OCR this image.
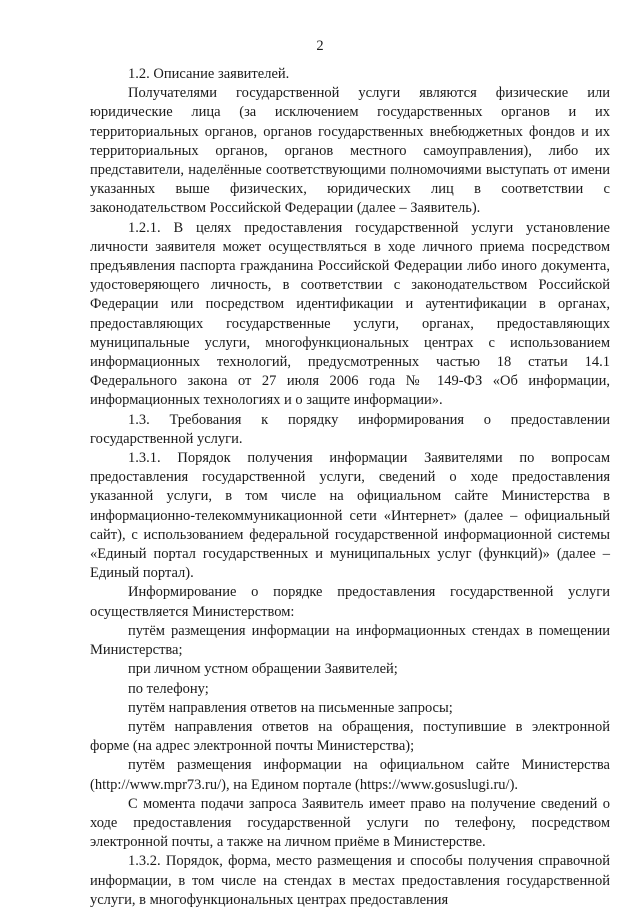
2

1.2. Описание заявителей.

Получателями государственной услуги являются физические или юридические лица (за исключением государственных органов и их территориальных органов, органов государственных внебюджетных фондов и их территориальных органов, органов местного самоуправления), либо их представители, наделённые соответствующими полномочиями выступать от имени указанных выше физических, юридических лиц в соответствии с законодательством Российской Федерации (далее – Заявитель).

1.2.1. В целях предоставления государственной услуги установление личности заявителя может осуществляться в ходе личного приема посредством предъявления паспорта гражданина Российской Федерации либо иного документа, удостоверяющего личность, в соответствии с законодательством Российской Федерации или посредством идентификации и аутентификации в органах, предоставляющих государственные услуги, органах, предоставляющих муниципальные услуги, многофункциональных центрах с использованием информационных технологий, предусмотренных частью 18 статьи 14.1 Федерального закона от 27 июля 2006 года № 149-ФЗ «Об информации, информационных технологиях и о защите информации».

1.3. Требования к порядку информирования о предоставлении государственной услуги.

1.3.1. Порядок получения информации Заявителями по вопросам предоставления государственной услуги, сведений о ходе предоставления указанной услуги, в том числе на официальном сайте Министерства в информационно-телекоммуникационной сети «Интернет» (далее – официальный сайт), с использованием федеральной государственной информационной системы «Единый портал государственных и муниципальных услуг (функций)» (далее – Единый портал).

Информирование о порядке предоставления государственной услуги осуществляется Министерством:

путём размещения информации на информационных стендах в помещении Министерства;

при личном устном обращении Заявителей;

по телефону;

путём направления ответов на письменные запросы;

путём направления ответов на обращения, поступившие в электронной форме (на адрес электронной почты Министерства);

путём размещения информации на официальном сайте Министерства (http://www.mpr73.ru/), на Едином портале (https://www.gosuslugi.ru/).

С момента подачи запроса Заявитель имеет право на получение сведений о ходе предоставления государственной услуги по телефону, посредством электронной почты, а также на личном приёме в Министерстве.

1.3.2. Порядок, форма, место размещения и способы получения справочной информации, в том числе на стендах в местах предоставления государственной услуги, в многофункциональных центрах предоставления
